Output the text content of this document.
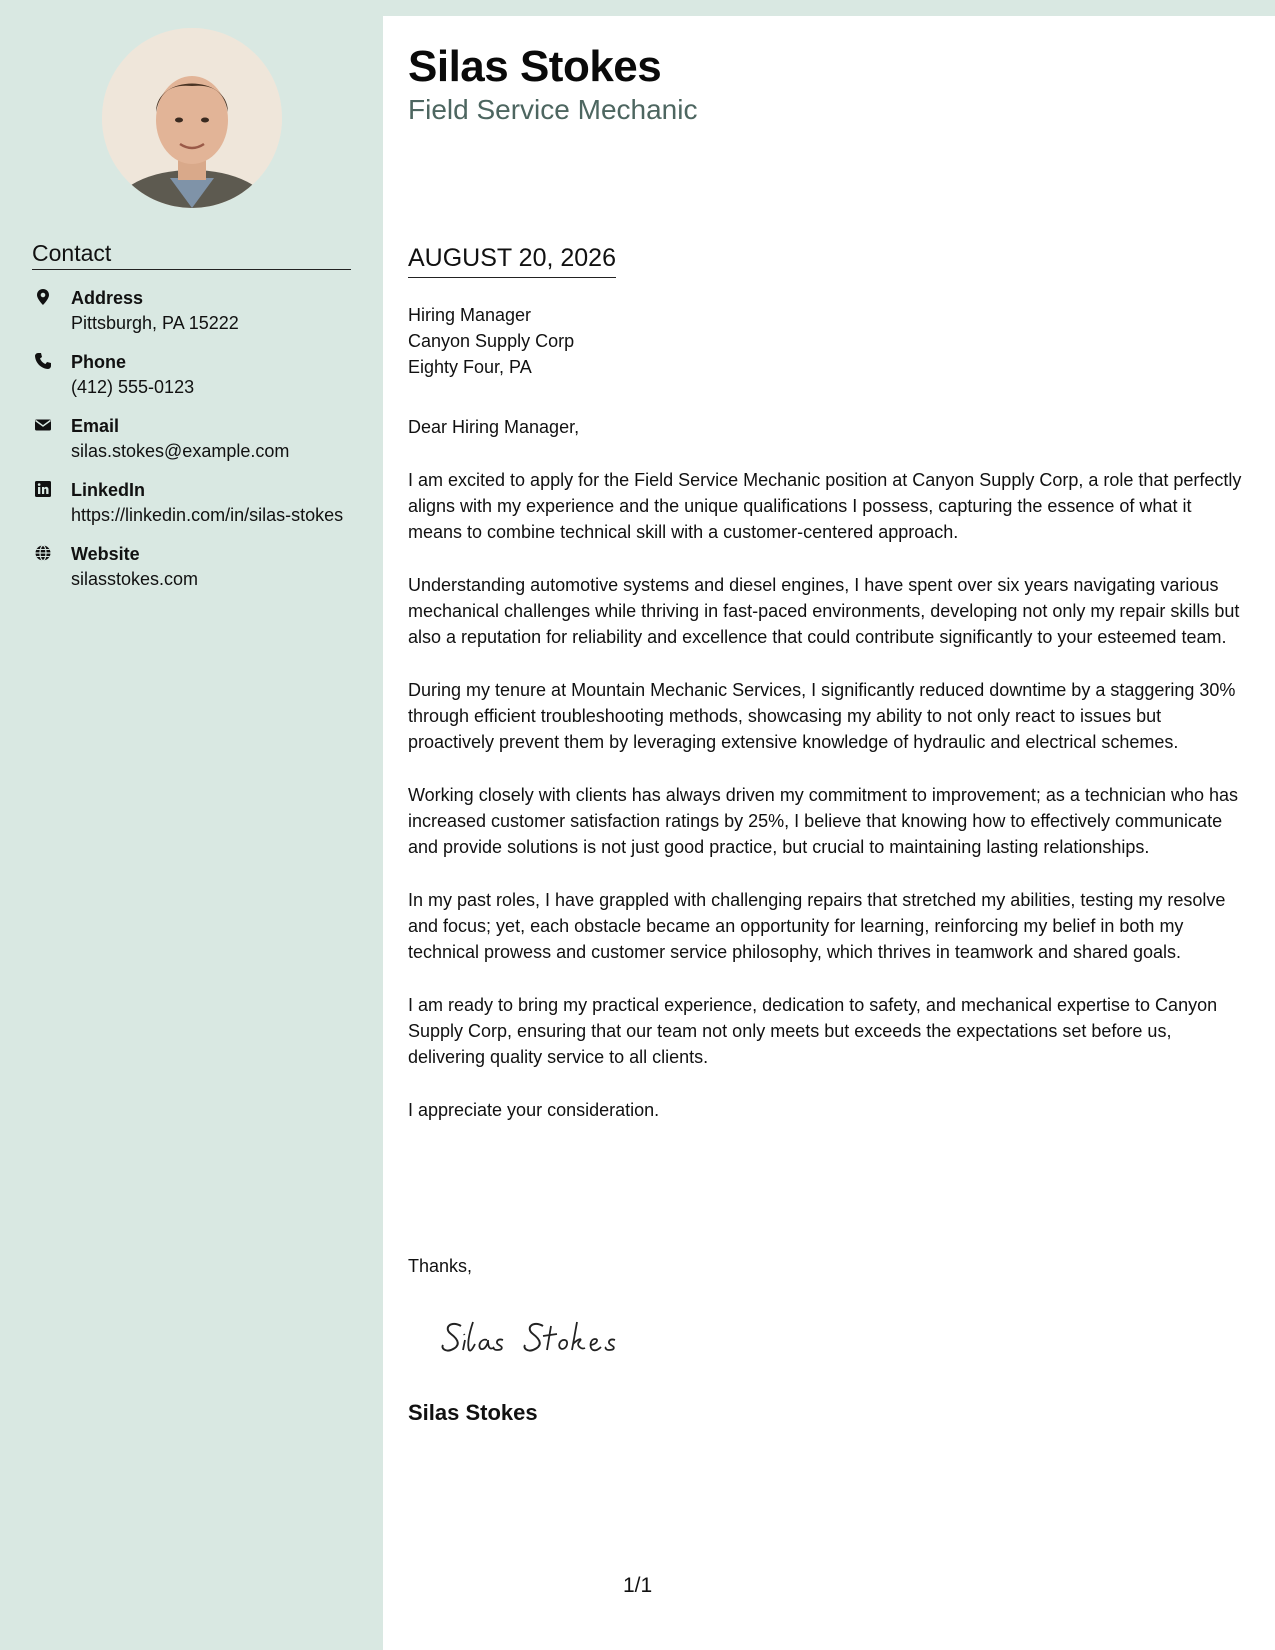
Contact
Address
Pittsburgh, PA 15222
Phone
(412) 555-0123
Email
silas.stokes@example.com
LinkedIn
https://linkedin.com/in/silas-stokes
Website
silasstokes.com
Silas Stokes
Field Service Mechanic
AUGUST 20, 2026
Hiring Manager
Canyon Supply Corp
Eighty Four, PA

Dear Hiring Manager,

I am excited to apply for the Field Service Mechanic position at Canyon Supply Corp, a role that perfectly aligns with my experience and the unique qualifications I possess, capturing the essence of what it means to combine technical skill with a customer-centered approach.

Understanding automotive systems and diesel engines, I have spent over six years navigating various mechanical challenges while thriving in fast-paced environments, developing not only my repair skills but also a reputation for reliability and excellence that could contribute significantly to your esteemed team.

During my tenure at Mountain Mechanic Services, I significantly reduced downtime by a staggering 30% through efficient troubleshooting methods, showcasing my ability to not only react to issues but proactively prevent them by leveraging extensive knowledge of hydraulic and electrical schemes.

Working closely with clients has always driven my commitment to improvement; as a technician who has increased customer satisfaction ratings by 25%, I believe that knowing how to effectively communicate and provide solutions is not just good practice, but crucial to maintaining lasting relationships.

In my past roles, I have grappled with challenging repairs that stretched my abilities, testing my resolve and focus; yet, each obstacle became an opportunity for learning, reinforcing my belief in both my technical prowess and customer service philosophy, which thrives in teamwork and shared goals.

I am ready to bring my practical experience, dedication to safety, and mechanical expertise to Canyon Supply Corp, ensuring that our team not only meets but exceeds the expectations set before us, delivering quality service to all clients.

I appreciate your consideration.

Thanks,
Silas Stokes
1/1
